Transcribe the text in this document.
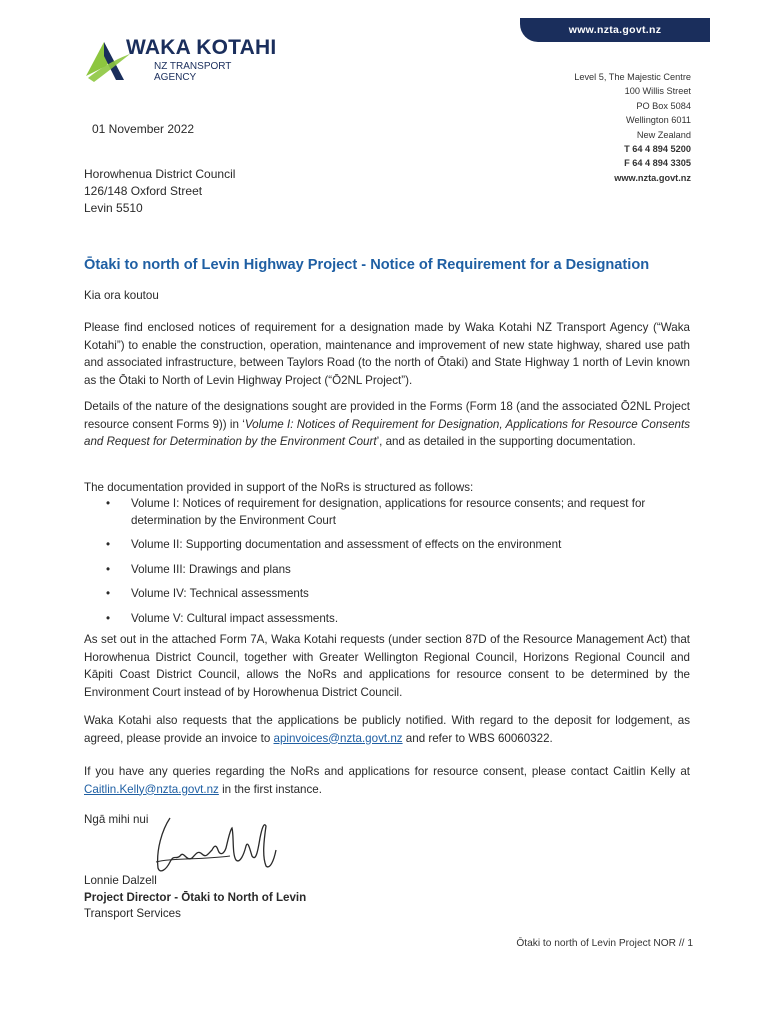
www.nzta.govt.nz
WAKA KOTAHI
NZ TRANSPORT
AGENCY	Level 5, The Majestic Centre
100 Willis Street
PO Box 5084
Wellington 6011
New Zealand
T 64 4 894 5200
F 64 4 894 3305
www.nzta.govt.nz
01 November 2022
Horowhenua District Council
126/148 Oxford Street
Levin 5510
Ōtaki to north of Levin Highway Project - Notice of Requirement for a Designation
Kia ora koutou
Please find enclosed notices of requirement for a designation made by Waka Kotahi NZ Transport Agency (“Waka Kotahi”) to enable the construction, operation, maintenance and improvement of new state highway, shared use path and associated infrastructure, between Taylors Road (to the north of Ōtaki) and State Highway 1 north of Levin known as the Ōtaki to North of Levin Highway Project (“Ō2NL Project”).
Details of the nature of the designations sought are provided in the Forms (Form 18 (and the associated Ō2NL Project resource consent Forms 9)) in ‘Volume I: Notices of Requirement for Designation, Applications for Resource Consents and Request for Determination by the Environment Court’, and as detailed in the supporting documentation.
The documentation provided in support of the NoRs is structured as follows:
• Volume I: Notices of requirement for designation, applications for resource consents; and request for determination by the Environment Court
• Volume II: Supporting documentation and assessment of effects on the environment
• Volume III: Drawings and plans
• Volume IV: Technical assessments
• Volume V: Cultural impact assessments.
As set out in the attached Form 7A, Waka Kotahi requests (under section 87D of the Resource Management Act) that Horowhenua District Council, together with Greater Wellington Regional Council, Horizons Regional Council and Kāpiti Coast District Council, allows the NoRs and applications for resource consent to be determined by the Environment Court instead of by Horowhenua District Council.
Waka Kotahi also requests that the applications be publicly notified. With regard to the deposit for lodgement, as agreed, please provide an invoice to apinvoices@nzta.govt.nz and refer to WBS 60060322.
If you have any queries regarding the NoRs and applications for resource consent, please contact Caitlin Kelly at Caitlin.Kelly@nzta.govt.nz in the first instance.
Ngā mihi nui
Lonnie Dalzell
Project Director - Ōtaki to North of Levin
Transport Services
Ōtaki to north of Levin Project NOR // 1
